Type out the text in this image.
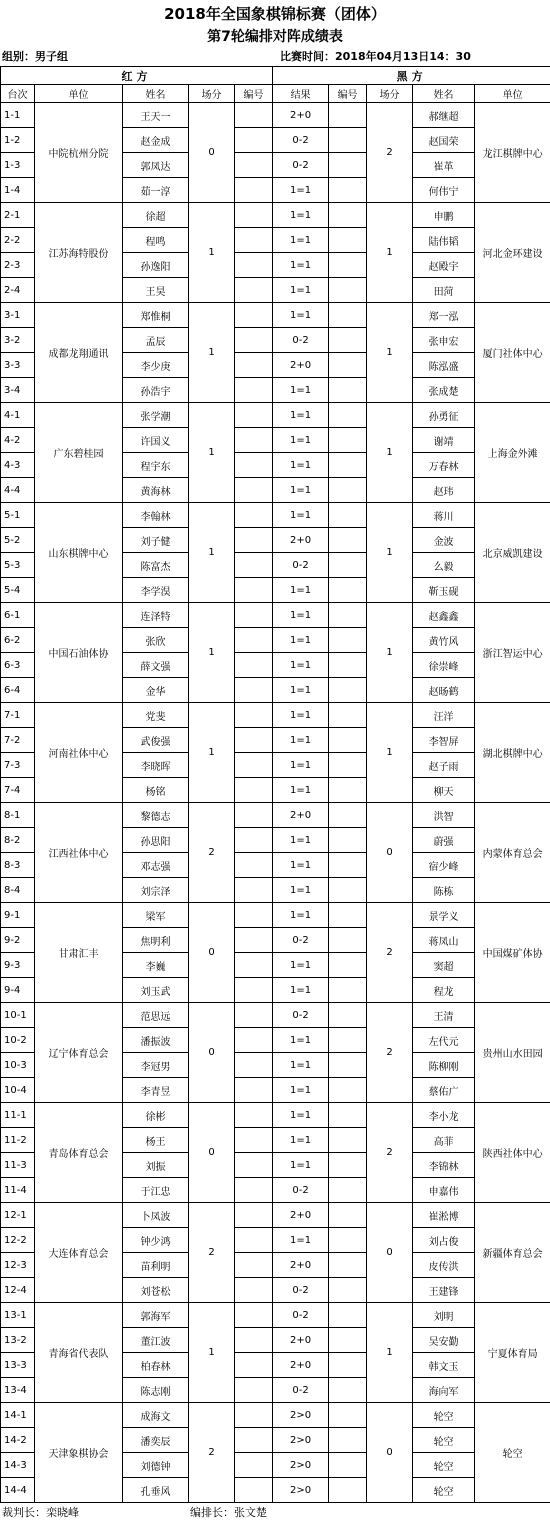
2018年全国象棋锦标赛（团体）
第7轮编排对阵成绩表
组别：男子组	比赛时间：2018年04月13日14：30
红方					黑方				
台次	单位	姓名	场分	编号	结果	编号	场分	姓名	单位
1-1	中院杭州分院	王天一	0		2+0		2	郝继超	龙江棋牌中心
1-2		赵金成			0-2			赵国荣	
1-3		郭凤达			0-2			崔革	
1-4		茹一淳			1=1			何伟宁	
2-1	江苏海特股份	徐超	1		1=1		1	申鹏	河北金环建设
2-2		程鸣			1=1			陆伟韬	
2-3		孙逸阳			1=1			赵殿宇	
2-4		王昊			1=1			田菏	
3-1	成都龙翔通讯	郑惟桐	1		1=1		1	郑一泓	厦门社体中心
3-2		孟辰			0-2			张申宏	
3-3		李少庚			2+0			陈泓盛	
3-4		孙浩宇			1=1			张成楚	
4-1	广东碧桂园	张学潮	1		1=1		1	孙勇征	上海金外滩
4-2		许国义			1=1			谢靖	
4-3		程宇东			1=1			万春林	
4-4		黄海林			1=1			赵玮	
5-1	山东棋牌中心	李翰林	1		1=1		1	蒋川	北京威凯建设
5-2		刘子健			2+0			金波	
5-3		陈富杰			0-2			么毅	
5-4		李学淏			1=1			靳玉砚	
6-1	中国石油体协	连泽特	1		1=1		1	赵鑫鑫	浙江智运中心
6-2		张欣			1=1			黄竹风	
6-3		薛文强			1=1			徐崇峰	
6-4		金华			1=1			赵旸鹤	
7-1	河南社体中心	党斐	1		1=1		1	汪洋	湖北棋牌中心
7-2		武俊强			1=1			李智屏	
7-3		李晓晖			1=1			赵子雨	
7-4		杨铭			1=1			柳天	
8-1	江西社体中心	黎德志	2		2+0		0	洪智	内蒙体育总会
8-2		孙思阳			1=1			蔚强	
8-3		邓志强			1=1			宿少峰	
8-4		刘宗泽			1=1			陈栋	
9-1	甘肃汇丰	梁军	0		1=1		2	景学义	中国煤矿体协
9-2		焦明利			0-2			蒋凤山	
9-3		李巍			1=1			窦超	
9-4		刘玉武			1=1			程龙	
10-1	辽宁体育总会	范思远	0		0-2		2	王清	贵州山水田园
10-2		潘振波			1=1			左代元	
10-3		李冠男			1=1			陈柳刚	
10-4		李青昱			1=1			蔡佑广	
11-1	青岛体育总会	徐彬	0		1=1		2	李小龙	陕西社体中心
11-2		杨王			1=1			高菲	
11-3		刘振			1=1			李锦林	
11-4		于江忠			0-2			申嘉伟	
12-1	大连体育总会	卜凤波	2		2+0		0	崔淞博	新疆体育总会
12-2		钟少鸿			1=1			刘占俊	
12-3		苗利明			2+0			皮传洪	
12-4		刘苍松			0-2			王建锋	
13-1	青海省代表队	郭海军	1		0-2		1	刘明	宁夏体育局
13-2		董江波			2+0			吴安勤	
13-3		柏春林			2+0			韩文玉	
13-4		陈志刚			0-2			海向军	
14-1	天津象棋协会	成海文	2		2>0		0	轮空	轮空
14-2		潘奕辰			2>0			轮空	
14-3		刘德钟			2>0			轮空	
14-4		孔垂风			2>0			轮空	
裁判长：栾晓峰	编排长：张文楚
